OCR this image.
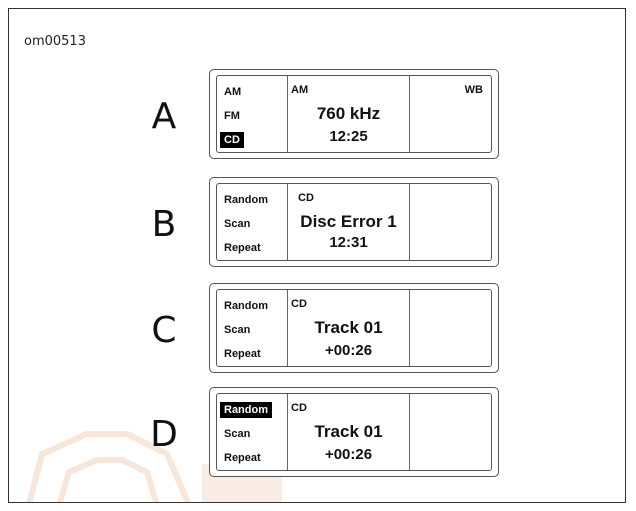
om00513
A
AM
FM
CD
AM
760 kHz
12:25
WB
B
Random
Scan
Repeat
CD
Disc Error 1
12:31
C
Random
Scan
Repeat
CD
Track 01
+00:26
D
Random
Scan
Repeat
CD
Track 01
+00:26
